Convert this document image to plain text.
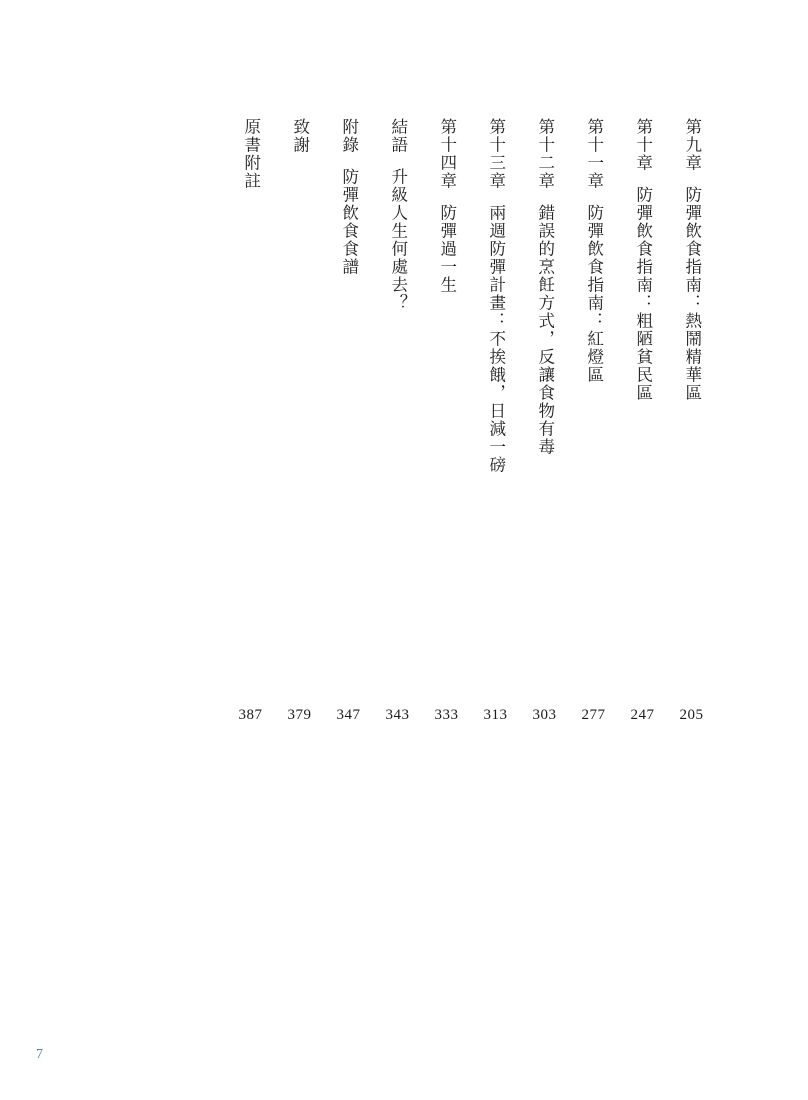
第九章
防彈飲食指南：熱鬧精華區
第十章
防彈飲食指南：粗陋貧民區
第十一章
防彈飲食指南：紅燈區
第十二章
錯誤的烹飪方式，反讓食物有毒
第十三章
兩週防彈計畫：不挨餓，日減一磅
第十四章
防彈過一生
結語
升級人生何處去？
附錄
防彈飲食食譜
致謝
原書附註
205
247
277
303
313
333
343
347
379
387
7
